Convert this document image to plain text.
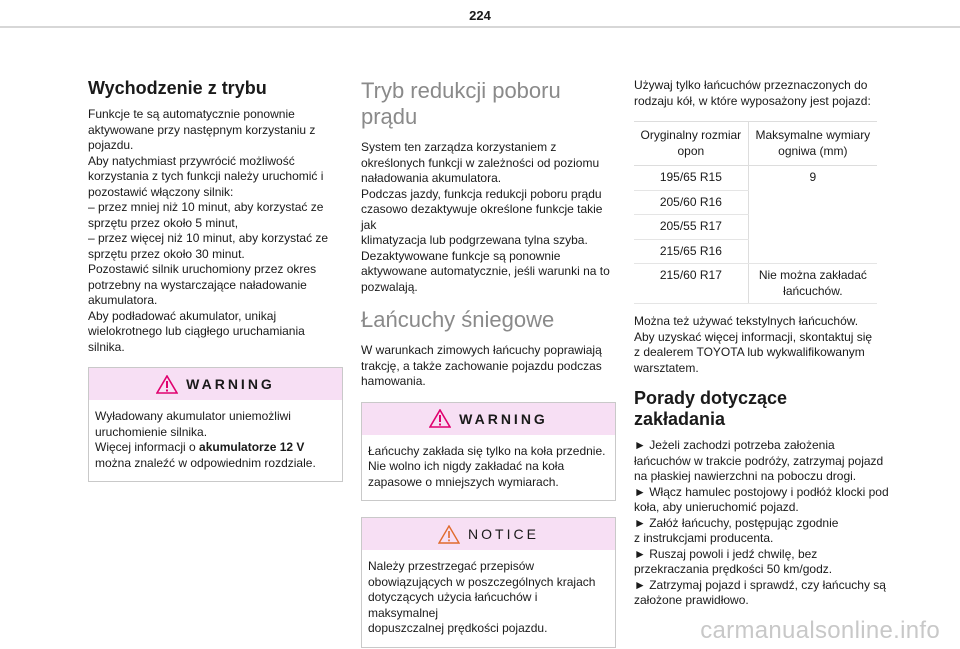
224
Wychodzenie z trybu

Funkcje te są automatycznie ponownie

aktywowane przy następnym korzystaniu z

pojazdu.

Aby natychmiast przywrócić możliwość

korzystania z tych funkcji należy uruchomić i

pozostawić włączony silnik:

– przez mniej niż 10 minut, aby korzystać ze

sprzętu przez około 5 minut,

– przez więcej niż 10 minut, aby korzystać ze

sprzętu przez około 30 minut.

Pozostawić silnik uruchomiony przez okres

potrzebny na wystarczające naładowanie

akumulatora.

Aby podładować akumulator, unikaj

wielokrotnego lub ciągłego uruchamiania silnika.

WARNING

Wyładowany akumulator uniemożliwi

uruchomienie silnika.

Więcej informacji o akumulatorze 12 V

można znaleźć w odpowiednim rozdziale.

Tryb redukcji poboru
prądu

System ten zarządza korzystaniem z

określonych funkcji w zależności od poziomu

naładowania akumulatora.

Podczas jazdy, funkcja redukcji poboru prądu

czasowo dezaktywuje określone funkcje takie jak

klimatyzacja lub podgrzewana tylna szyba.

Dezaktywowane funkcje są ponownie

aktywowane automatycznie, jeśli warunki na to

pozwalają.

Łańcuchy śniegowe

W warunkach zimowych łańcuchy poprawiają

trakcję, a także zachowanie pojazdu podczas

hamowania.

WARNING

Łańcuchy zakłada się tylko na koła przednie.

Nie wolno ich nigdy zakładać na koła

zapasowe o mniejszych wymiarach.

NOTICE

Należy przestrzegać przepisów

obowiązujących w poszczególnych krajach

dotyczących użycia łańcuchów i maksymalnej

dopuszczalnej prędkości pojazdu.

Używaj tylko łańcuchów przeznaczonych do

rodzaju kół, w które wyposażony jest pojazd:

Oryginalny rozmiar
opon	Maksymalne wymiary
ogniwa (mm)
195/65 R15	9
205/60 R16	
205/55 R17	
215/65 R16	
215/60 R17	Nie można zakładać
łańcuchów.

Można też używać tekstylnych łańcuchów.

Aby uzyskać więcej informacji, skontaktuj się

z dealerem TOYOTA lub wykwalifikowanym

warsztatem.

Porady dotyczące
zakładania

► Jeżeli zachodzi potrzeba założenia

łańcuchów w trakcie podróży, zatrzymaj pojazd

na płaskiej nawierzchni na poboczu drogi.

► Włącz hamulec postojowy i podłóż klocki pod

koła, aby unieruchomić pojazd.

► Załóż łańcuchy, postępując zgodnie

z instrukcjami producenta.

► Ruszaj powoli i jedź chwilę, bez

przekraczania prędkości 50 km/godz.

► Zatrzymaj pojazd i sprawdź, czy łańcuchy są

założone prawidłowo.

carmanualsonline.info
